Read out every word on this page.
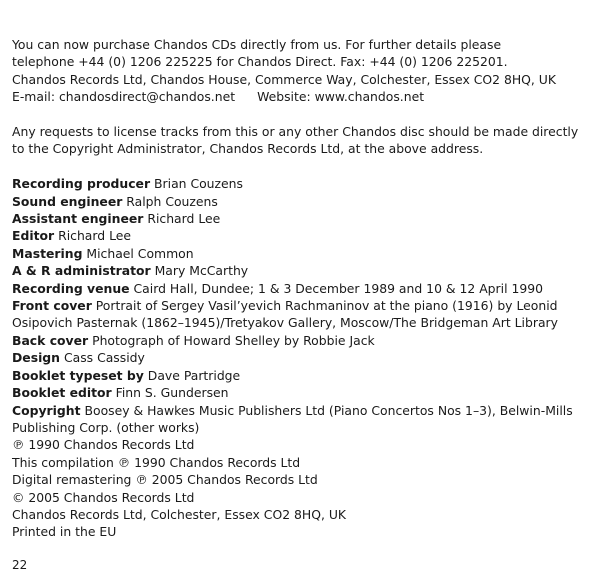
You can now purchase Chandos CDs directly from us. For further details please
telephone +44 (0) 1206 225225 for Chandos Direct. Fax: +44 (0) 1206 225201.
Chandos Records Ltd, Chandos House, Commerce Way, Colchester, Essex CO2 8HQ, UK
E-mail: chandosdirect@chandos.net Website: www.chandos.net
Any requests to license tracks from this or any other Chandos disc should be made directly to the Copyright Administrator, Chandos Records Ltd, at the above address.
Recording producer Brian Couzens
Sound engineer Ralph Couzens
Assistant engineer Richard Lee
Editor Richard Lee
Mastering Michael Common
A & R administrator Mary McCarthy
Recording venue Caird Hall, Dundee; 1 & 3 December 1989 and 10 & 12 April 1990
Front cover Portrait of Sergey Vasil’yevich Rachmaninov at the piano (1916) by Leonid Osipovich Pasternak (1862–1945)/Tretyakov Gallery, Moscow/The Bridgeman Art Library
Back cover Photograph of Howard Shelley by Robbie Jack
Design Cass Cassidy
Booklet typeset by Dave Partridge
Booklet editor Finn S. Gundersen
Copyright Boosey & Hawkes Music Publishers Ltd (Piano Concertos Nos 1–3), Belwin-Mills Publishing Corp. (other works)
℗ 1990 Chandos Records Ltd
This compilation ℗ 1990 Chandos Records Ltd
Digital remastering ℗ 2005 Chandos Records Ltd
© 2005 Chandos Records Ltd
Chandos Records Ltd, Colchester, Essex CO2 8HQ, UK
Printed in the EU
22
